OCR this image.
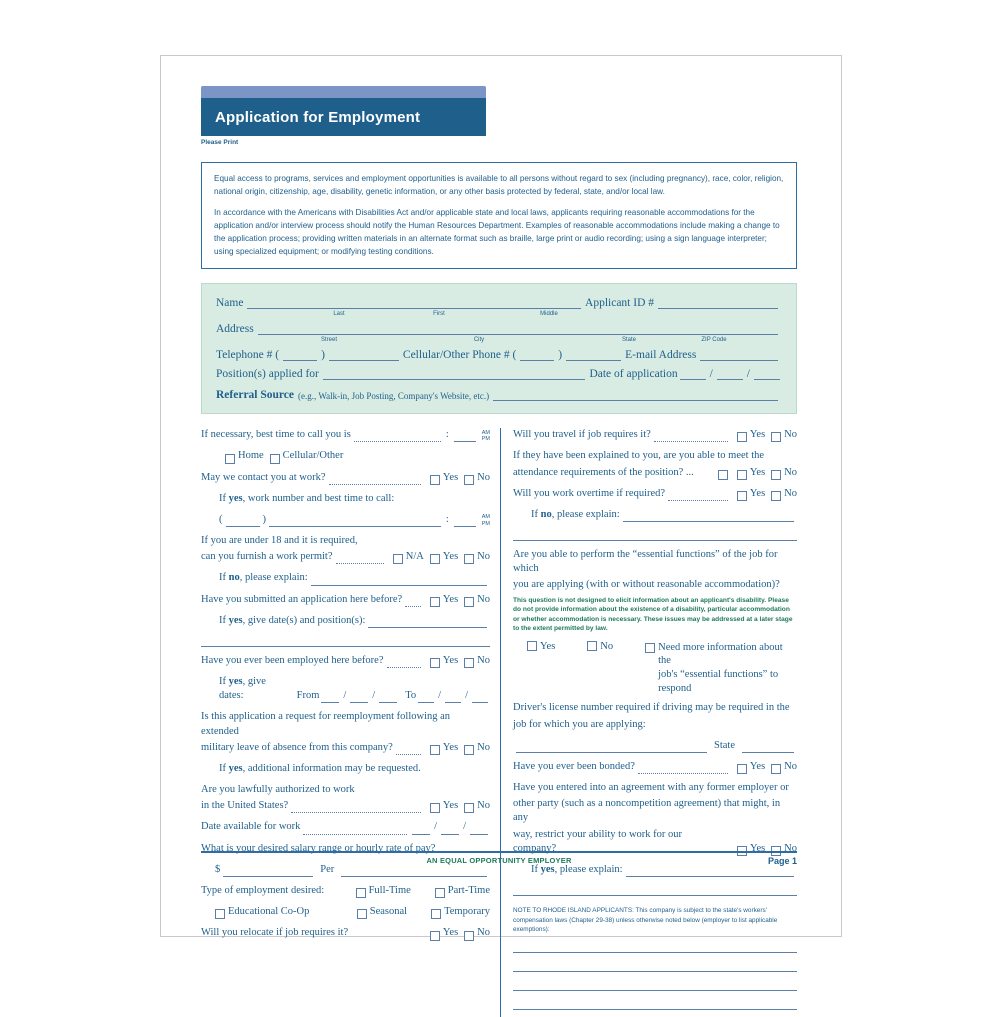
Application for Employment
Please Print

Equal access to programs, services and employment opportunities is available to all persons without regard to sex (including pregnancy), race, color, religion, national origin, citizenship, age, disability, genetic information, or any other basis protected by federal, state, and/or local law.

In accordance with the Americans with Disabilities Act and/or applicable state and local laws, applicants requiring reasonable accommodations for the application and/or interview process should notify the Human Resources Department. Examples of reasonable accommodations include making a change to the application process; providing written materials in an alternate format such as braille, large print or audio recording; using a sign language interpreter; using specialized equipment; or modifying testing conditions.

Name	Applicant ID #
Last	First	Middle
Address
Street	City	State	ZIP Code
Telephone # (	)	Cellular/Other Phone # (	)	E-mail Address
Position(s) applied for	Date of application	/	/
Referral Source (e.g., Walk-in, Job Posting, Company's Website, etc.)
If necessary, best time to call you is	:	AM
PM
Home Cellular/Other
May we contact you at work?	Yes No
If yes, work number and best time to call:
(	)	:	AM
PM
If you are under 18 and it is required,
can you furnish a work permit?	N/A Yes No
If no, please explain:
Have you submitted an application here before?	Yes No
If yes, give date(s) and position(s):
Have you ever been employed here before?	Yes No
If yes, give dates:	From / /	To / /
Is this application a request for reemployment following an extended
military leave of absence from this company?	Yes No
If yes, additional information may be requested.
Are you lawfully authorized to work
in the United States?	Yes No
Date available for work	/ /
What is your desired salary range or hourly rate of pay?
$	Per
Type of employment desired:	Full-Time	Part-Time
Educational Co-Op	Seasonal	Temporary
Will you relocate if job requires it?	Yes No
Will you travel if job requires it?	Yes No
If they have been explained to you, are you able to meet the
attendance requirements of the position? ...	Yes No
Will you work overtime if required?	Yes No
If no, please explain:
Are you able to perform the “essential functions” of the job for which
you are applying (with or without reasonable accommodation)?
This question is not designed to elicit information about an applicant's disability. Please do not provide information about the existence of a disability, particular accommodation or whether accommodation is necessary. These issues may be addressed at a later stage to the extent permitted by law.
Yes	No	Need more information about the
job's “essential functions” to respond
Driver's license number required if driving may be required in the
job for which you are applying:
State
Have you ever been bonded?	Yes No
Have you entered into an agreement with any former employer or
other party (such as a noncompetition agreement) that might, in any
way, restrict your ability to work for our company?	Yes No
If yes, please explain:
NOTE TO RHODE ISLAND APPLICANTS: This company is subject to the state's workers' compensation laws (Chapter 29-38) unless otherwise noted below (employer to list applicable exemptions):
AN EQUAL OPPORTUNITY EMPLOYER	Page 1
